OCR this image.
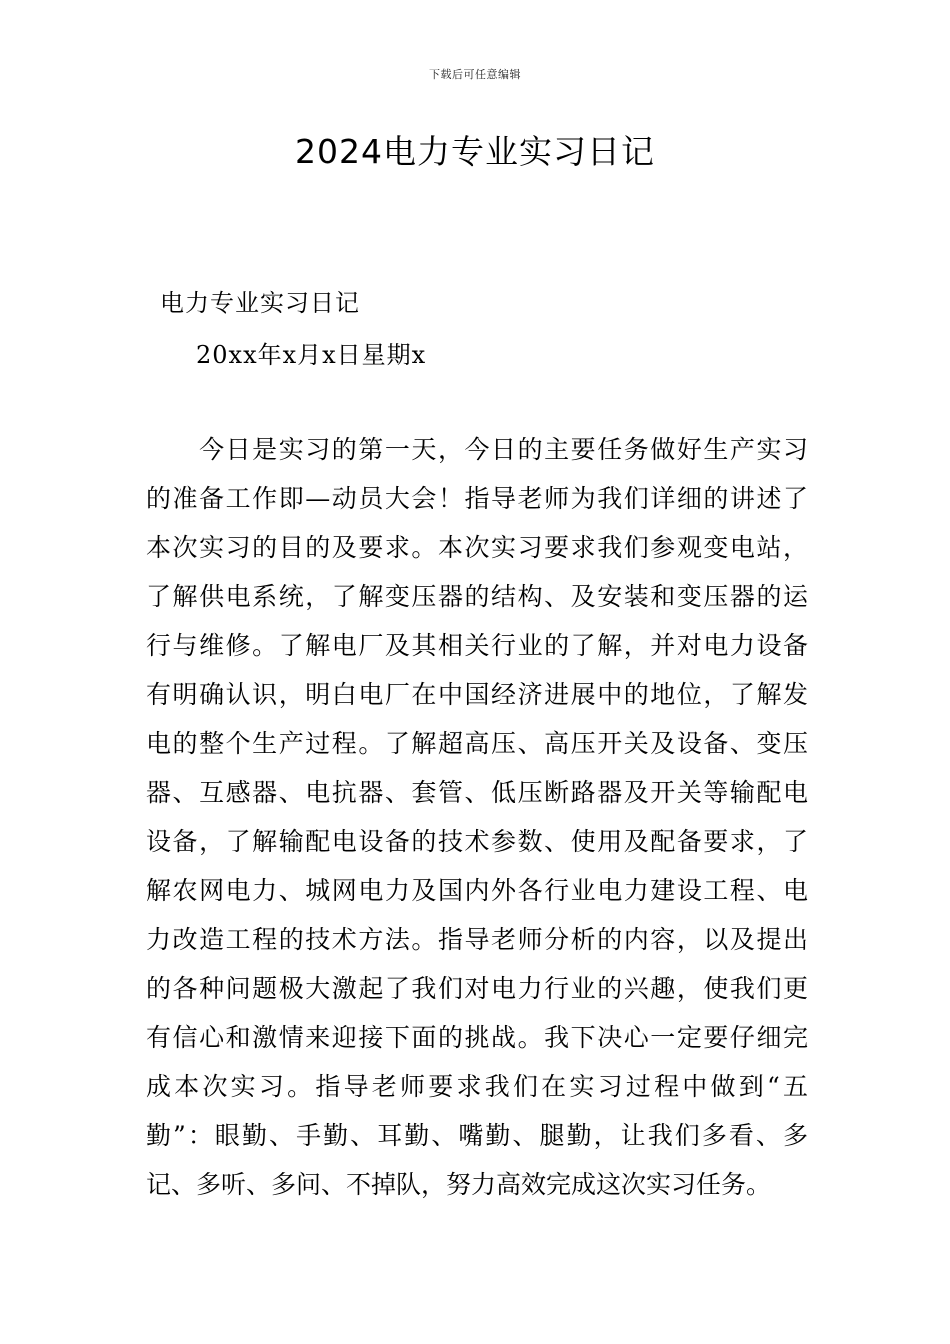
下载后可任意编辑
2024电力专业实习日记
电力专业实习日记
20xx年x月x日星期x
　　今日是实习的第一天，今日的主要任务做好生产实习
的准备工作即—动员大会！指导老师为我们详细的讲述了
本次实习的目的及要求。本次实习要求我们参观变电站，
了解供电系统，了解变压器的结构、及安装和变压器的运
行与维修。了解电厂及其相关行业的了解，并对电力设备
有明确认识，明白电厂在中国经济进展中的地位，了解发
电的整个生产过程。了解超高压、高压开关及设备、变压
器、互感器、电抗器、套管、低压断路器及开关等输配电
设备，了解输配电设备的技术参数、使用及配备要求，了
解农网电力、城网电力及国内外各行业电力建设工程、电
力改造工程的技术方法。指导老师分析的内容，以及提出
的各种问题极大激起了我们对电力行业的兴趣，使我们更
有信心和激情来迎接下面的挑战。我下决心一定要仔细完
成本次实习。指导老师要求我们在实习过程中做到“五
勤”：眼勤、手勤、耳勤、嘴勤、腿勤，让我们多看、多
记、多听、多问、不掉队，努力高效完成这次实习任务。
